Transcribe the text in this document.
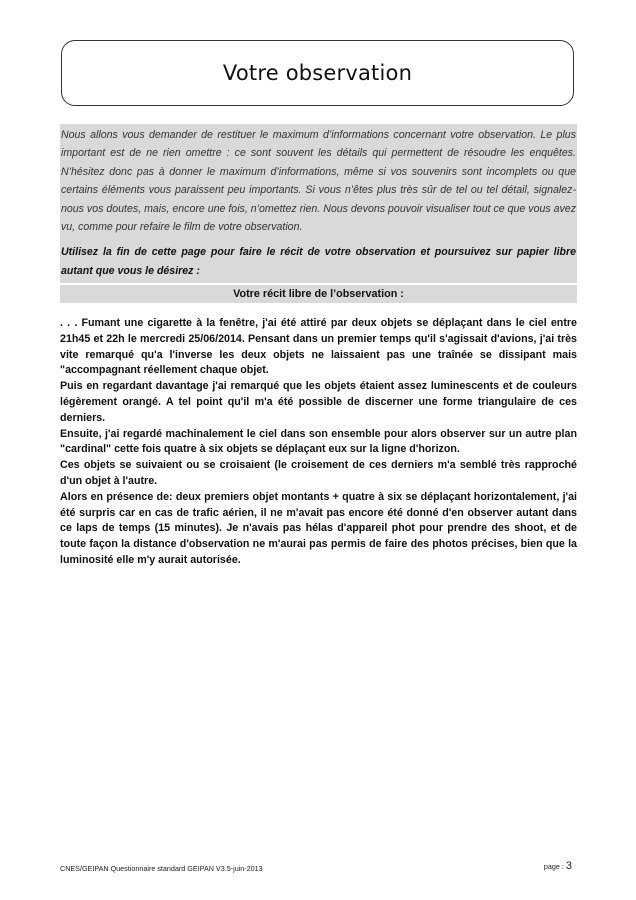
Votre observation

Nous allons vous demander de restituer le maximum d’informations concernant votre observation. Le plus important est de ne rien omettre : ce sont souvent les détails qui permettent de résoudre les enquêtes. N’hésitez donc pas à donner le maximum d’informations, même si vos souvenirs sont incomplets ou que certains éléments vous paraissent peu importants. Si vous n’êtes plus très sûr de tel ou tel détail, signalez-nous vos doutes, mais, encore une fois, n’omettez rien. Nous devons pouvoir visualiser tout ce que vous avez vu, comme pour refaire le film de votre observation.

Utilisez la fin de cette page pour faire le récit de votre observation et poursuivez sur papier libre autant que vous le désirez :

Votre récit libre de l’observation :

. . . Fumant une cigarette à la fenêtre, j'ai été attiré par deux objets se déplaçant dans le ciel entre 21h45 et 22h le mercredi 25/06/2014. Pensant dans un premier temps qu'il s'agissait d'avions, j'ai très vite remarqué qu'a l'inverse les deux objets ne laissaient pas une traînée se dissipant mais "accompagnant réellement chaque objet.

Puis en regardant davantage j'ai remarqué que les objets étaient assez luminescents et de couleurs légèrement orangé. A tel point qu'il m'a été possible de discerner une forme triangulaire de ces derniers.

Ensuite, j'ai regardé machinalement le ciel dans son ensemble pour alors observer sur un autre plan "cardinal" cette fois quatre à six objets se déplaçant eux sur la ligne d'horizon.

Ces objets se suivaient ou se croisaient (le croisement de ces derniers m'a semblé très rapproché d'un objet à l'autre.

Alors en présence de: deux premiers objet montants + quatre à six se déplaçant horizontalement, j'ai été surpris car en cas de trafic aérien, il ne m'avait pas encore été donné d'en observer autant dans ce laps de temps (15 minutes). Je n'avais pas hélas d'appareil phot pour prendre des shoot, et de toute façon la distance d'observation ne m'aurai pas permis de faire des photos précises, bien que la luminosité elle m'y aurait autorisée.

CNES/GEIPAN Questionnaire standard GEIPAN V3.5-juin-2013	page : 3
